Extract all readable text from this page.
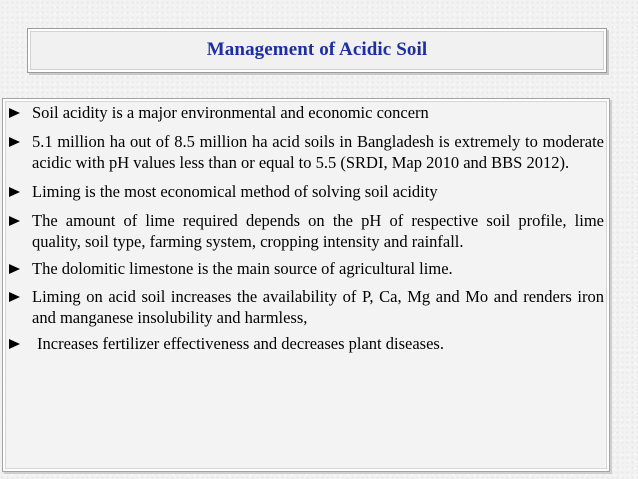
Management of Acidic Soil
Soil acidity is a major environmental and economic concern
5.1 million ha out of 8.5 million ha acid soils in Bangladesh is extremely to moderate acidic with pH values less than or equal to 5.5 (SRDI, Map 2010 and BBS 2012).
Liming is the most economical method of solving soil acidity
The amount of lime required depends on the pH of respective soil profile, lime quality, soil type, farming system, cropping intensity and rainfall.
The dolomitic limestone is the main source of agricultural lime.
Liming on acid soil increases the availability of P, Ca, Mg and Mo and renders iron and manganese insolubility and harmless,
Increases fertilizer effectiveness and decreases plant diseases.
